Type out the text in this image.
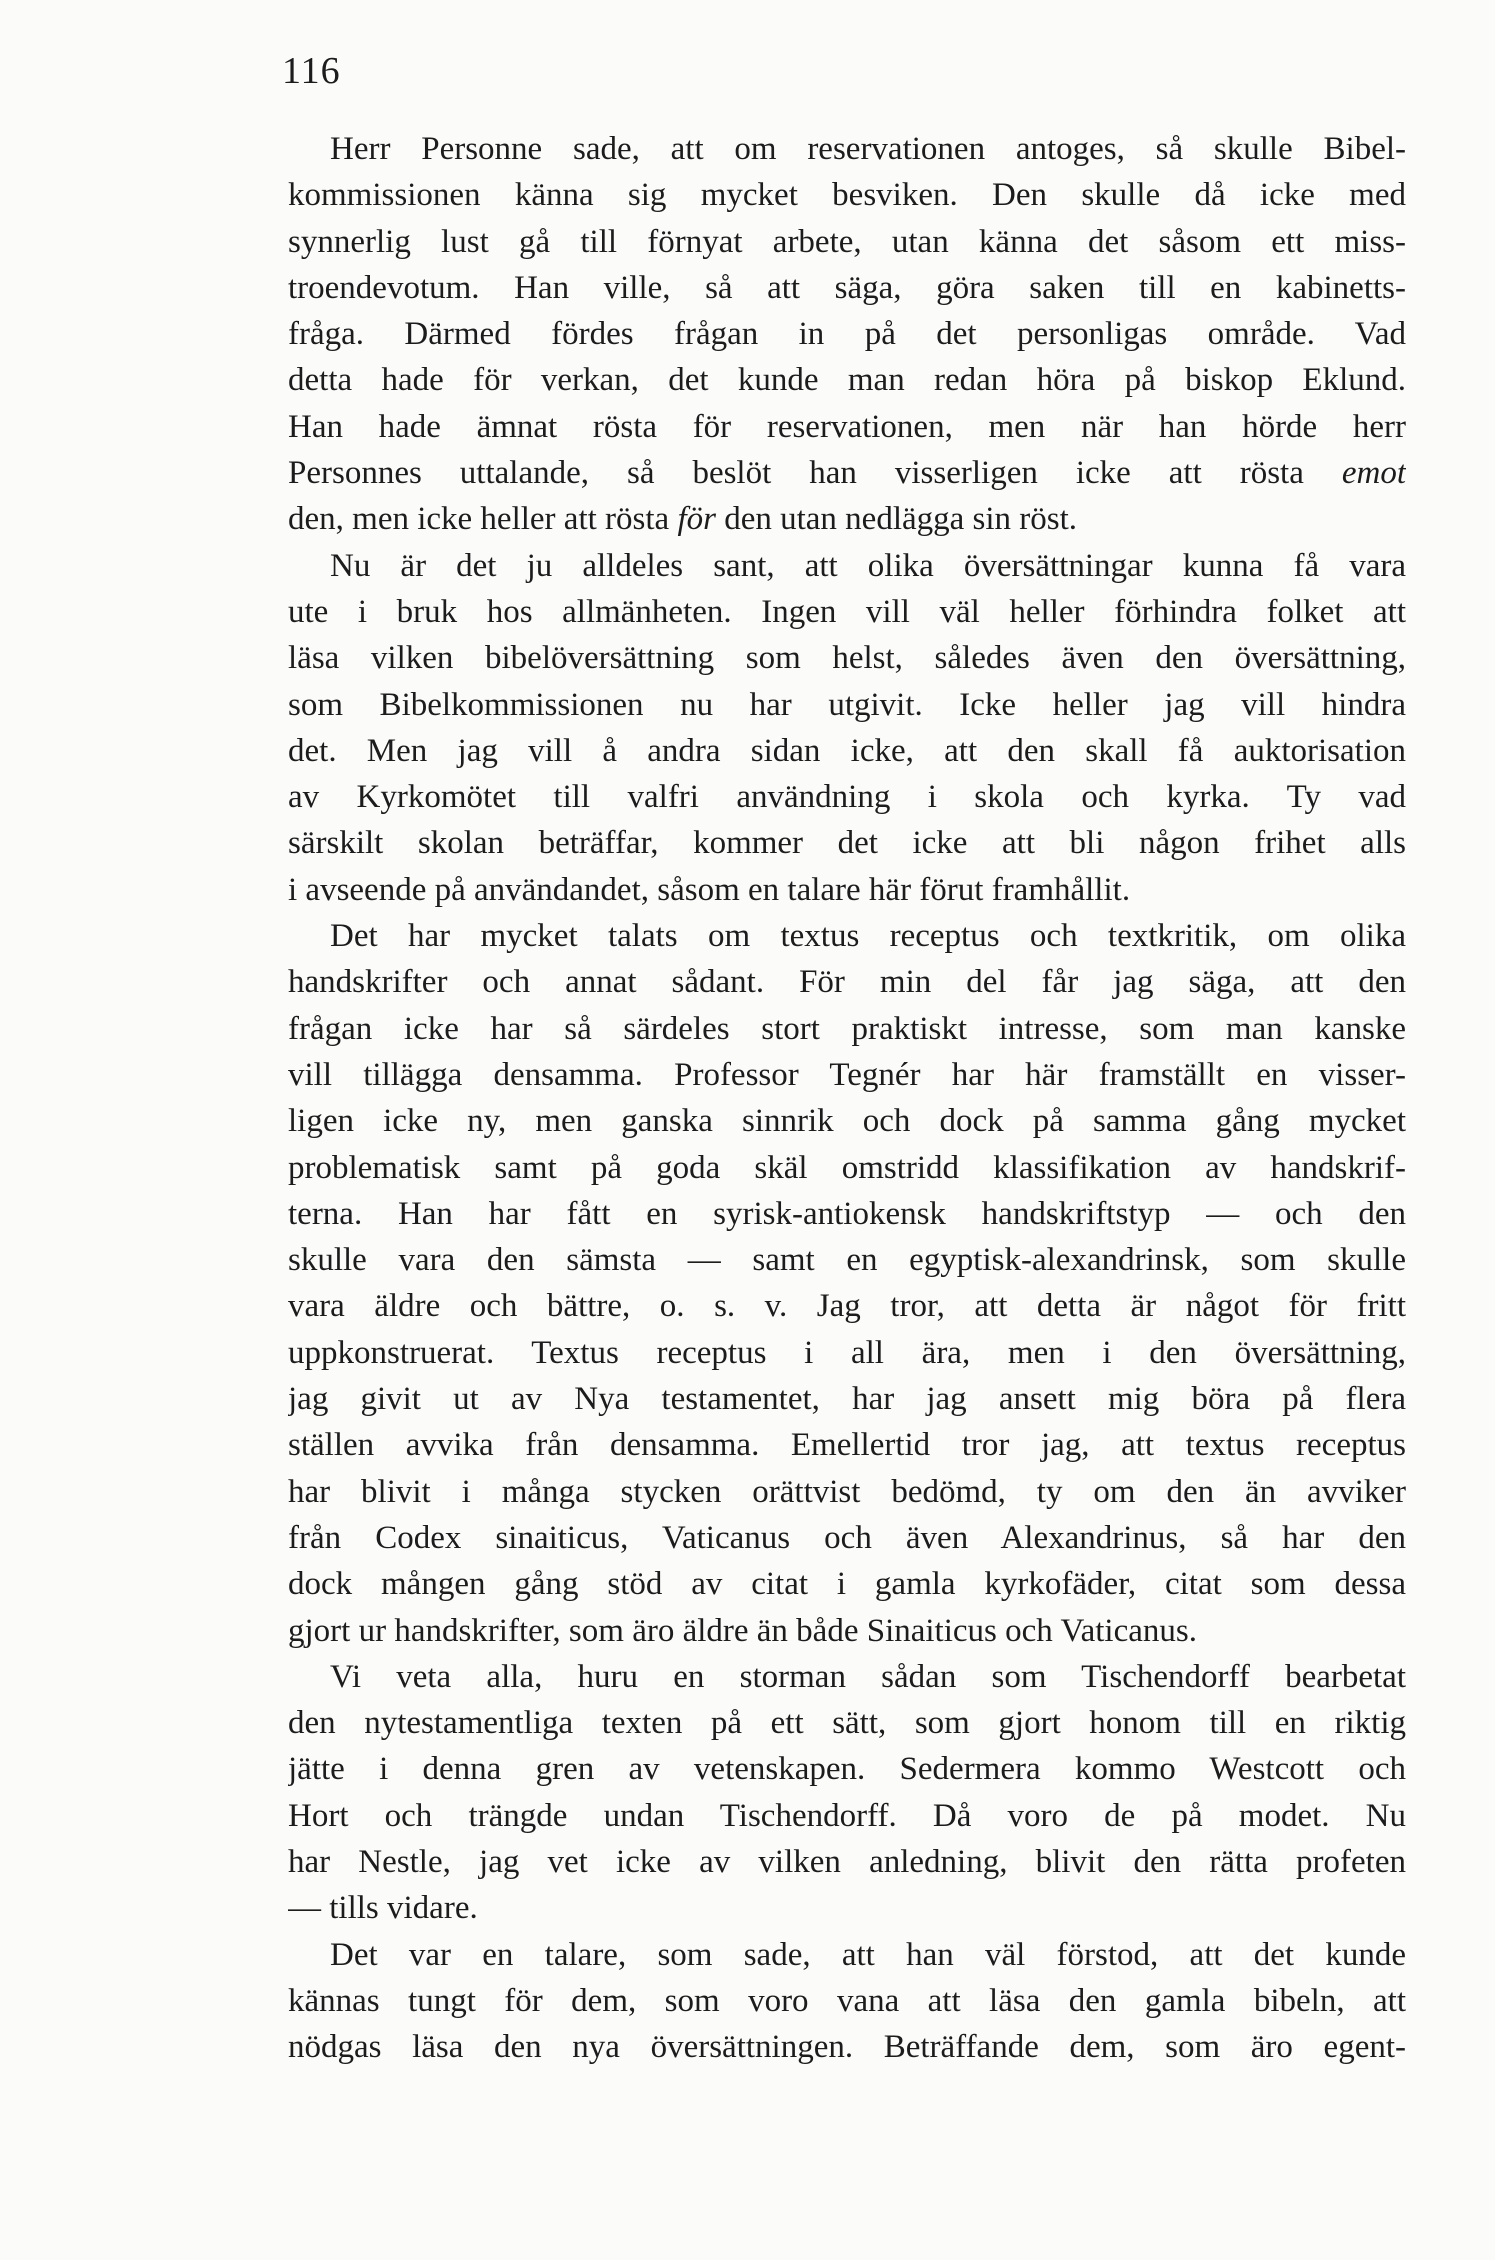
116
Herr Personne sade, att om reservationen antoges, så skulle Bibel-
kommissionen känna sig mycket besviken. Den skulle då icke med
synnerlig lust gå till förnyat arbete, utan känna det såsom ett miss-
troendevotum. Han ville, så att säga, göra saken till en kabinetts-
fråga. Därmed fördes frågan in på det personligas område. Vad
detta hade för verkan, det kunde man redan höra på biskop Eklund.
Han hade ämnat rösta för reservationen, men när han hörde herr
Personnes uttalande, så beslöt han visserligen icke att rösta emot
den, men icke heller att rösta för den utan nedlägga sin röst.
Nu är det ju alldeles sant, att olika översättningar kunna få vara
ute i bruk hos allmänheten. Ingen vill väl heller förhindra folket att
läsa vilken bibelöversättning som helst, således även den översättning,
som Bibelkommissionen nu har utgivit. Icke heller jag vill hindra
det. Men jag vill å andra sidan icke, att den skall få auktorisation
av Kyrkomötet till valfri användning i skola och kyrka. Ty vad
särskilt skolan beträffar, kommer det icke att bli någon frihet alls
i avseende på användandet, såsom en talare här förut framhållit.
Det har mycket talats om textus receptus och textkritik, om olika
handskrifter och annat sådant. För min del får jag säga, att den
frågan icke har så särdeles stort praktiskt intresse, som man kanske
vill tillägga densamma. Professor Tegnér har här framställt en visser-
ligen icke ny, men ganska sinnrik och dock på samma gång mycket
problematisk samt på goda skäl omstridd klassifikation av handskrif-
terna. Han har fått en syrisk-antiokensk handskriftstyp — och den
skulle vara den sämsta — samt en egyptisk-alexandrinsk, som skulle
vara äldre och bättre, o. s. v. Jag tror, att detta är något för fritt
uppkonstruerat. Textus receptus i all ära, men i den översättning,
jag givit ut av Nya testamentet, har jag ansett mig böra på flera
ställen avvika från densamma. Emellertid tror jag, att textus receptus
har blivit i många stycken orättvist bedömd, ty om den än avviker
från Codex sinaiticus, Vaticanus och även Alexandrinus, så har den
dock mången gång stöd av citat i gamla kyrkofäder, citat som dessa
gjort ur handskrifter, som äro äldre än både Sinaiticus och Vaticanus.
Vi veta alla, huru en storman sådan som Tischendorff bearbetat
den nytestamentliga texten på ett sätt, som gjort honom till en riktig
jätte i denna gren av vetenskapen. Sedermera kommo Westcott och
Hort och trängde undan Tischendorff. Då voro de på modet. Nu
har Nestle, jag vet icke av vilken anledning, blivit den rätta profeten
— tills vidare.
Det var en talare, som sade, att han väl förstod, att det kunde
kännas tungt för dem, som voro vana att läsa den gamla bibeln, att
nödgas läsa den nya översättningen. Beträffande dem, som äro egent-
